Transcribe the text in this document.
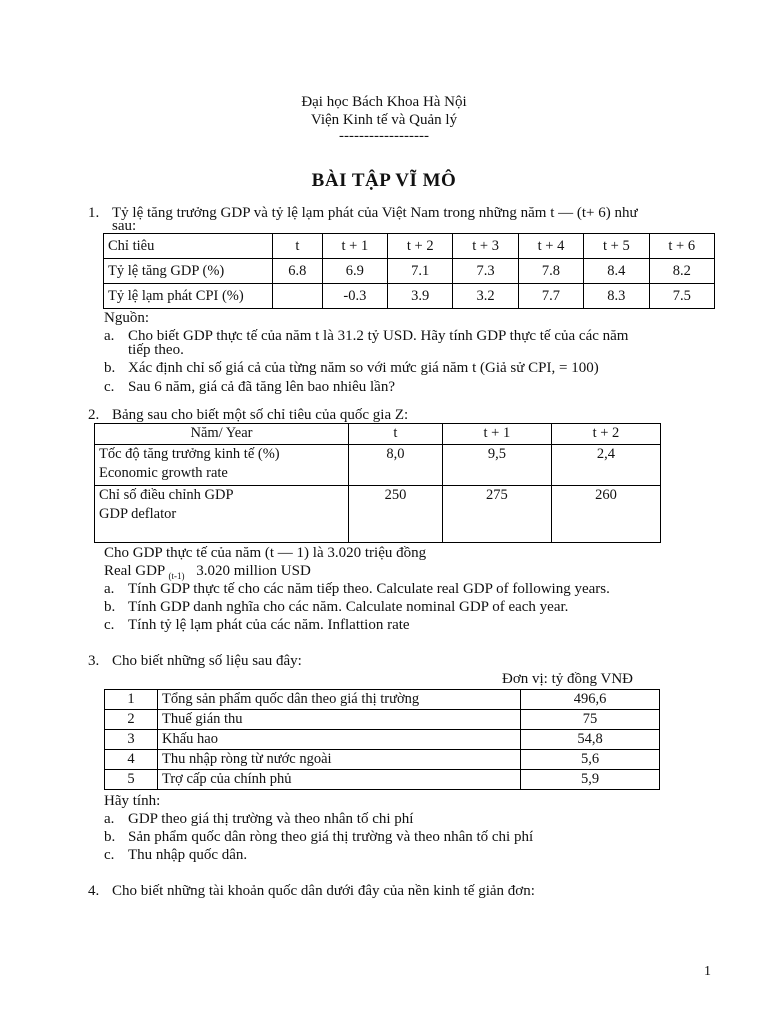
Đại học Bách Khoa Hà Nội
Viện Kinh tế và Quản lý
------------------
BÀI TẬP VĨ MÔ
1. Tỷ lệ tăng trưởng GDP và tỷ lệ lạm phát của Việt Nam trong những năm t — (t+ 6) như
sau:
Chỉ tiêu	t	t + 1	t + 2	t + 3	t + 4	t + 5	t + 6
Tỷ lệ tăng GDP (%)	6.8	6.9	7.1	7.3	7.8	8.4	8.2
Tỷ lệ lạm phát CPI (%)		-0.3	3.9	3.2	7.7	8.3	7.5
Nguồn:
a. Cho biết GDP thực tế của năm t là 31.2 tỷ USD. Hãy tính GDP thực tế của các năm
tiếp theo.
b. Xác định chỉ số giá cả của từng năm so với mức giá năm t (Giả sử CPI, = 100)
c. Sau 6 năm, giá cả đã tăng lên bao nhiêu lần?
2. Bảng sau cho biết một số chỉ tiêu của quốc gia Z:
Năm/ Year	t	t + 1	t + 2

Tốc độ tăng trưởng kinh tế (%)
Economic growth rate	8,0	9,5	2,4

Chỉ số điều chỉnh GDP
GDP deflator	250	275	260
Cho GDP thực tế của năm (t — 1) là 3.020 triệu đồng
Real GDP $_{(t-1)}$ 3.020 million USD
a. Tính GDP thực tế cho các năm tiếp theo. Calculate real GDP of following years.
b. Tính GDP danh nghĩa cho các năm. Calculate nominal GDP of each year.
c. Tính tỷ lệ lạm phát của các năm. Inflattion rate
3. Cho biết những số liệu sau đây:
Đơn vị: tỷ đồng VNĐ
1	Tổng sản phẩm quốc dân theo giá thị trường	496,6
2	Thuế gián thu	75
3	Khấu hao	54,8
4	Thu nhập ròng từ nước ngoài	5,6
5	Trợ cấp của chính phủ	5,9
Hãy tính:
a. GDP theo giá thị trường và theo nhân tố chi phí
b. Sản phẩm quốc dân ròng theo giá thị trường và theo nhân tố chi phí
c. Thu nhập quốc dân.
4. Cho biết những tài khoản quốc dân dưới đây của nền kinh tế giản đơn:
1
